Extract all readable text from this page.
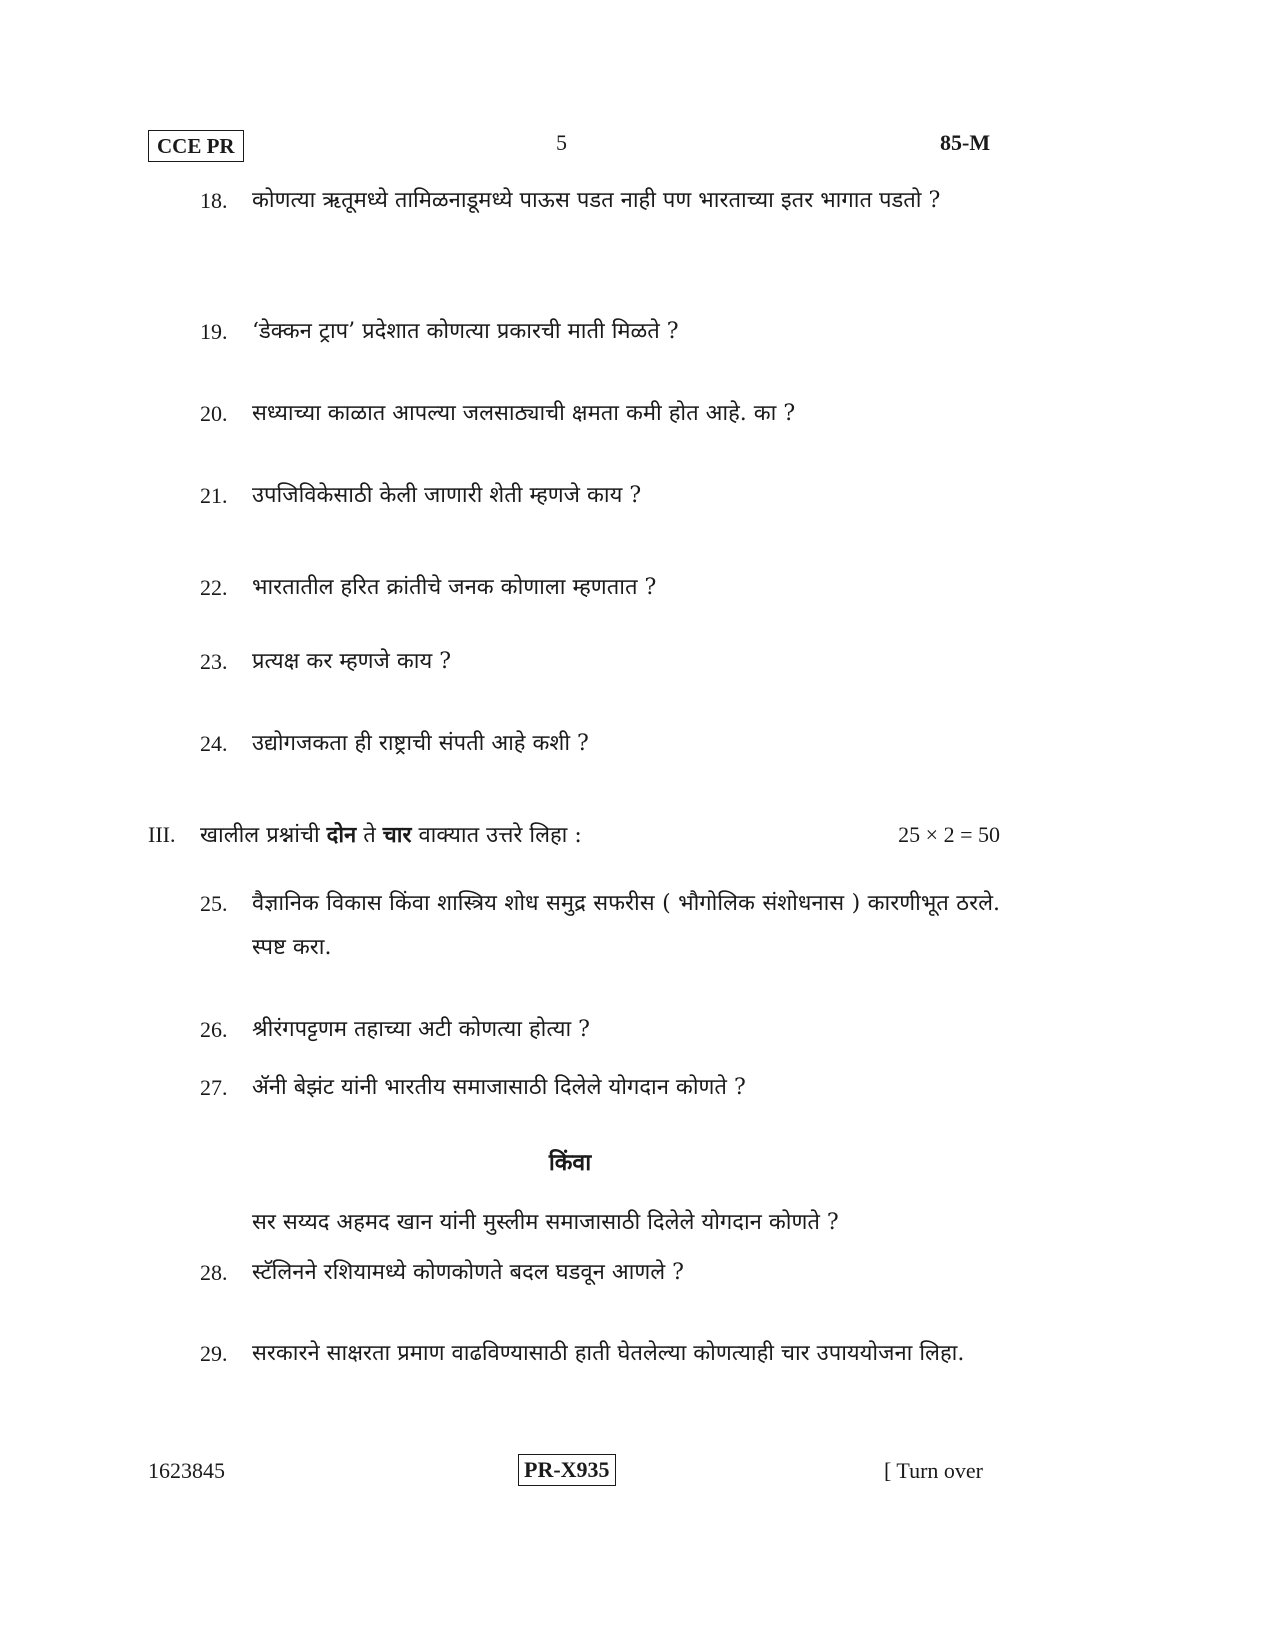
CCE PR	5	85-M
18.	कोणत्या ऋतूमध्ये तामिळनाडूमध्ये पाऊस पडत नाही पण भारताच्या इतर भागात पडतो ?
19.	‘डेक्कन ट्राप’ प्रदेशात कोणत्या प्रकारची माती मिळते ?
20.	सध्याच्या काळात आपल्या जलसाठ्याची क्षमता कमी होत आहे. का ?
21.	उपजिविकेसाठी केली जाणारी शेती म्हणजे काय ?
22.	भारतातील हरित क्रांतीचे जनक कोणाला म्हणतात ?
23.	प्रत्यक्ष कर म्हणजे काय ?
24.	उद्योगजकता ही राष्ट्राची संपती आहे कशी ?
III. खालील प्रश्नांची दोन ते चार वाक्यात उत्तरे लिहा :	25 × 2 = 50
25.	वैज्ञानिक विकास किंवा शास्त्रिय शोध समुद्र सफरीस ( भौगोलिक संशोधनास ) कारणीभूत ठरले. स्पष्ट करा.
26.	श्रीरंगपट्टणम तहाच्या अटी कोणत्या होत्या ?
27.	ॲनी बेझंट यांनी भारतीय समाजासाठी दिलेले योगदान कोणते ?
किंवा
सर सय्यद अहमद खान यांनी मुस्लीम समाजासाठी दिलेले योगदान कोणते ?
28.	स्टॅलिनने रशियामध्ये कोणकोणते बदल घडवून आणले ?
29.	सरकारने साक्षरता प्रमाण वाढविण्यासाठी हाती घेतलेल्या कोणत्याही चार उपाययोजना लिहा.
1623845	PR-X935	[ Turn over
